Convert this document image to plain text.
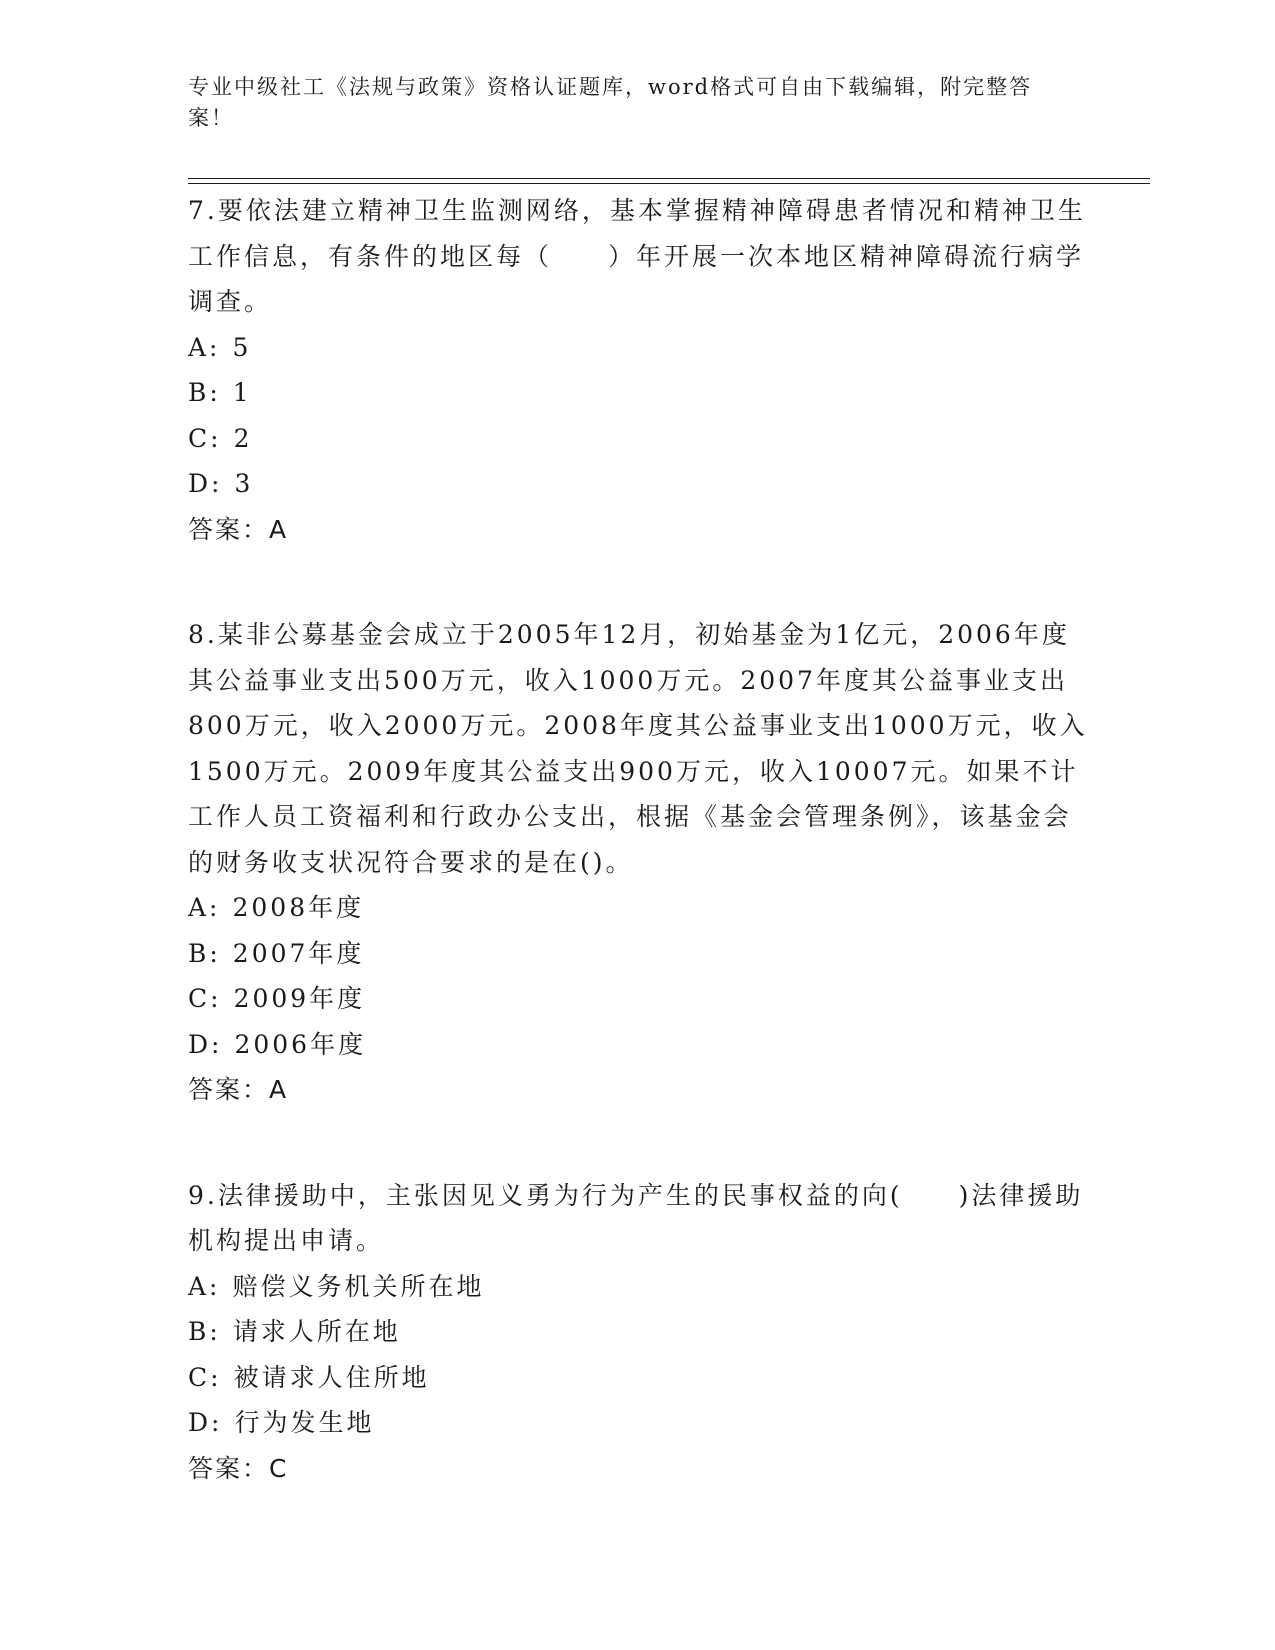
专业中级社工《法规与政策》资格认证题库，word格式可自由下载编辑，附完整答案！
7.要依法建立精神卫生监测网络，基本掌握精神障碍患者情况和精神卫生工作信息，有条件的地区每（　　）年开展一次本地区精神障碍流行病学调查。
A: 5
B: 1
C: 2
D: 3
答案：A
8.某非公募基金会成立于2005年12月，初始基金为1亿元，2006年度其公益事业支出500万元，收入1000万元。2007年度其公益事业支出800万元，收入2000万元。2008年度其公益事业支出1000万元，收入1500万元。2009年度其公益支出900万元，收入10007元。如果不计工作人员工资福利和行政办公支出，根据《基金会管理条例》，该基金会的财务收支状况符合要求的是在()。
A: 2008年度
B: 2007年度
C: 2009年度
D: 2006年度
答案：A
9.法律援助中，主张因见义勇为行为产生的民事权益的向(　　)法律援助机构提出申请。
A: 赔偿义务机关所在地
B: 请求人所在地
C: 被请求人住所地
D: 行为发生地
答案：C
